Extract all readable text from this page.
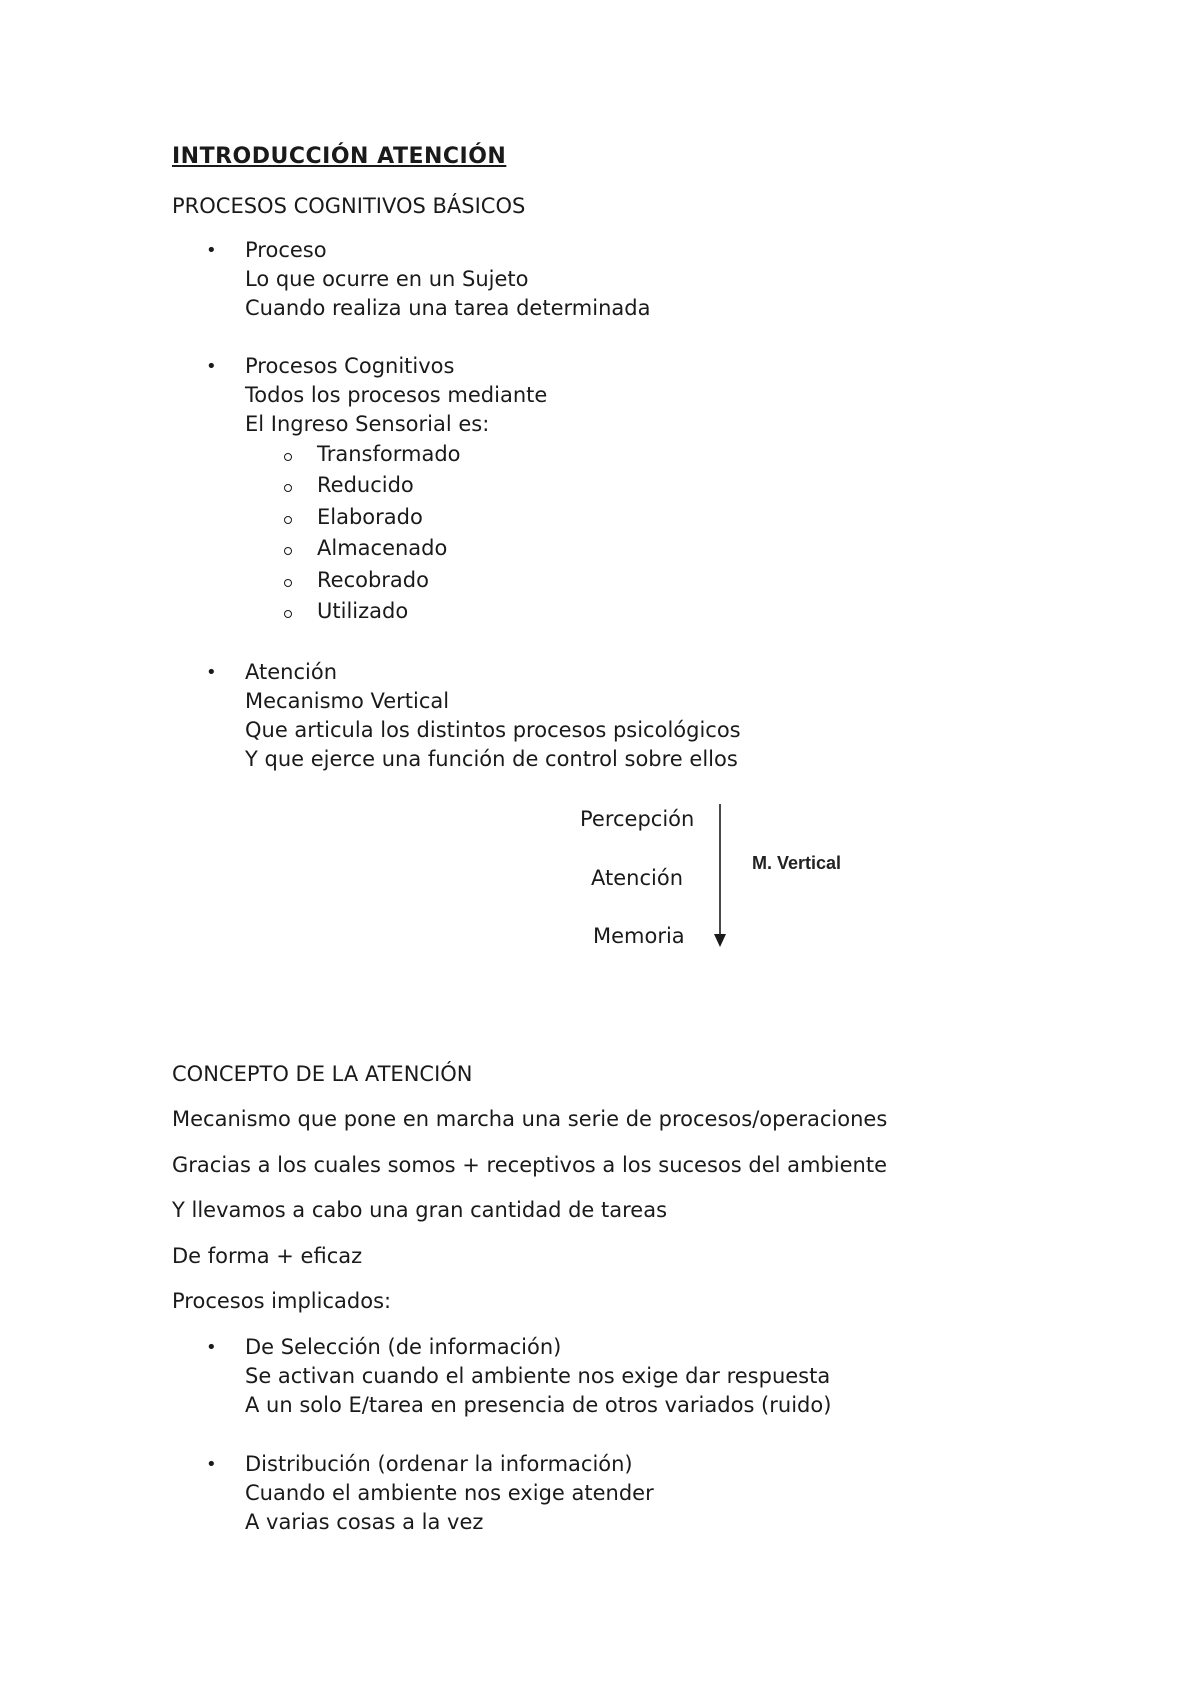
INTRODUCCIÓN ATENCIÓN
PROCESOS COGNITIVOS BÁSICOS
• Proceso
Lo que ocurre en un Sujeto
Cuando realiza una tarea determinada
• Procesos Cognitivos
Todos los procesos mediante
El Ingreso Sensorial es:
Transformado
Reducido
Elaborado
Almacenado
Recobrado
Utilizado
• Atención
Mecanismo Vertical
Que articula los distintos procesos psicológicos
Y que ejerce una función de control sobre ellos
Percepción
Atención
Memoria
M. Vertical
CONCEPTO DE LA ATENCIÓN
Mecanismo que pone en marcha una serie de procesos/operaciones
Gracias a los cuales somos + receptivos a los sucesos del ambiente
Y llevamos a cabo una gran cantidad de tareas
De forma + eficaz
Procesos implicados:
• De Selección (de información)
Se activan cuando el ambiente nos exige dar respuesta
A un solo E/tarea en presencia de otros variados (ruido)
• Distribución (ordenar la información)
Cuando el ambiente nos exige atender
A varias cosas a la vez
